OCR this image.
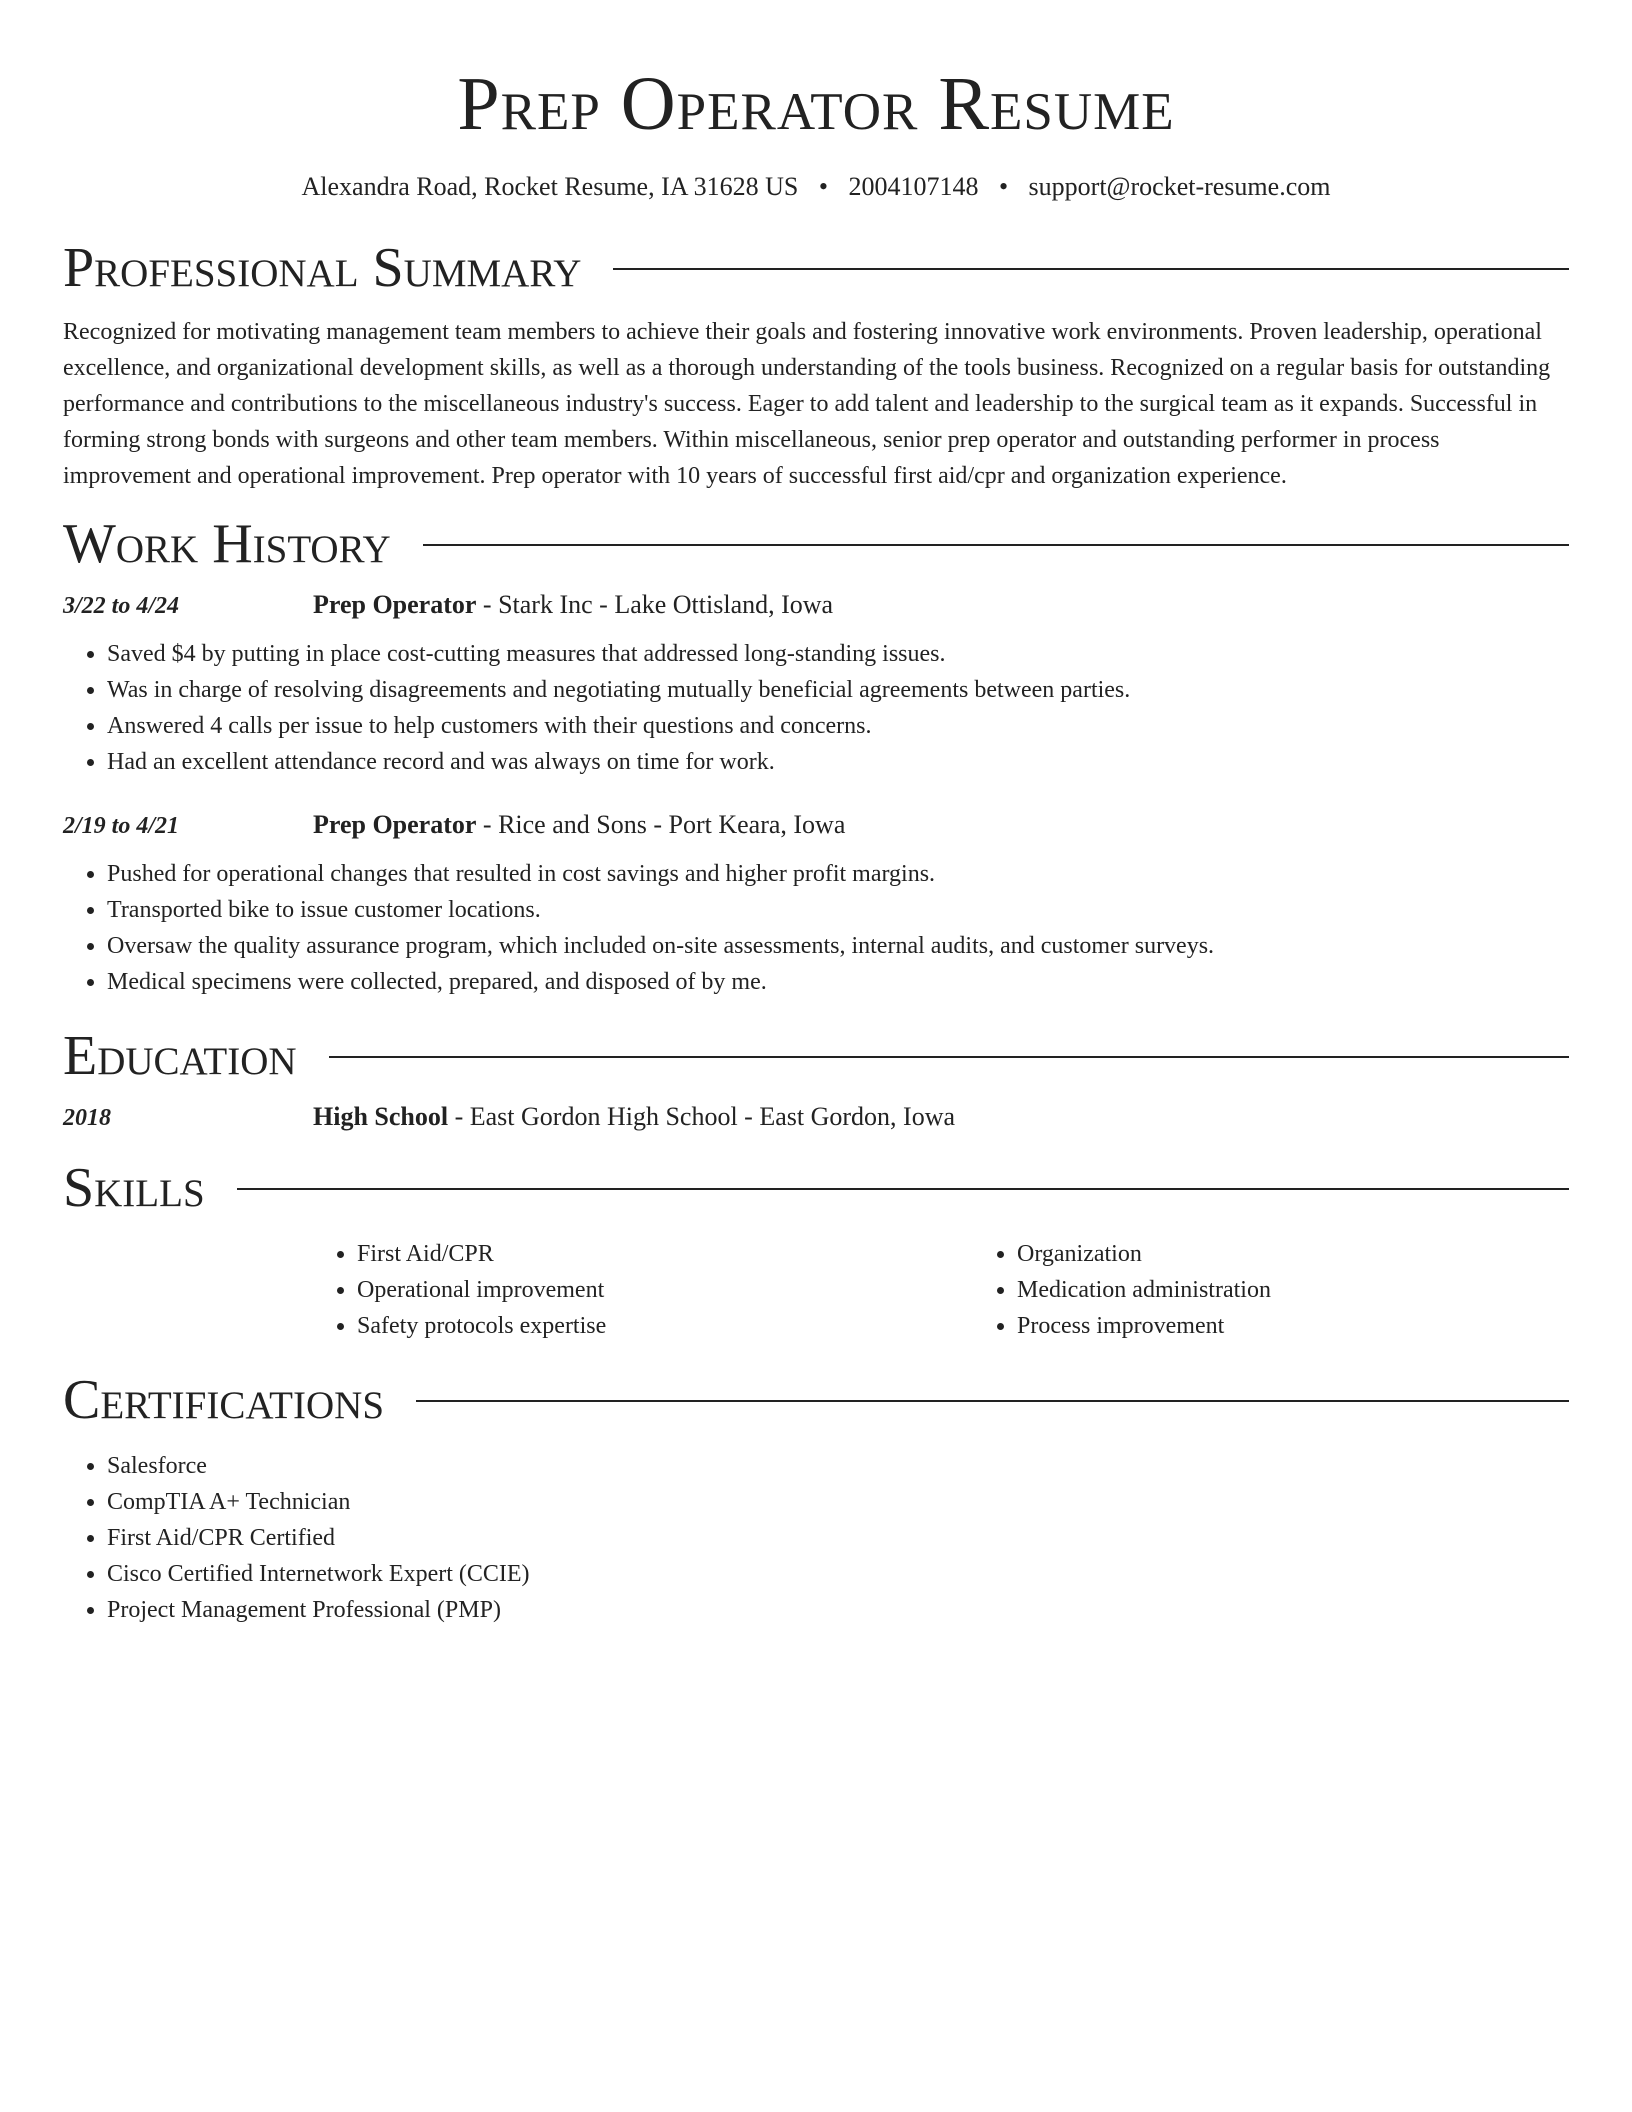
Prep Operator Resume
Alexandra Road, Rocket Resume, IA 31628 US • 2004107148 • support@rocket-resume.com
Professional Summary

Recognized for motivating management team members to achieve their goals and fostering innovative work environments. Proven leadership, operational excellence, and organizational development skills, as well as a thorough understanding of the tools business. Recognized on a regular basis for outstanding performance and contributions to the miscellaneous industry's success. Eager to add talent and leadership to the surgical team as it expands. Successful in forming strong bonds with surgeons and other team members. Within miscellaneous, senior prep operator and outstanding performer in process improvement and operational improvement. Prep operator with 10 years of successful first aid/cpr and organization experience.

Work History
3/22 to 4/24	Prep Operator - Stark Inc - Lake Ottisland, Iowa
• Saved $4 by putting in place cost-cutting measures that addressed long-standing issues.
• Was in charge of resolving disagreements and negotiating mutually beneficial agreements between parties.
• Answered 4 calls per issue to help customers with their questions and concerns.
• Had an excellent attendance record and was always on time for work.
2/19 to 4/21	Prep Operator - Rice and Sons - Port Keara, Iowa
• Pushed for operational changes that resulted in cost savings and higher profit margins.
• Transported bike to issue customer locations.
• Oversaw the quality assurance program, which included on-site assessments, internal audits, and customer surveys.
• Medical specimens were collected, prepared, and disposed of by me.
Education
2018	High School - East Gordon High School - East Gordon, Iowa
Skills
• First Aid/CPR
• Operational improvement
• Safety protocols expertise
• Organization
• Medication administration
• Process improvement
Certifications
• Salesforce
• CompTIA A+ Technician
• First Aid/CPR Certified
• Cisco Certified Internetwork Expert (CCIE)
• Project Management Professional (PMP)
